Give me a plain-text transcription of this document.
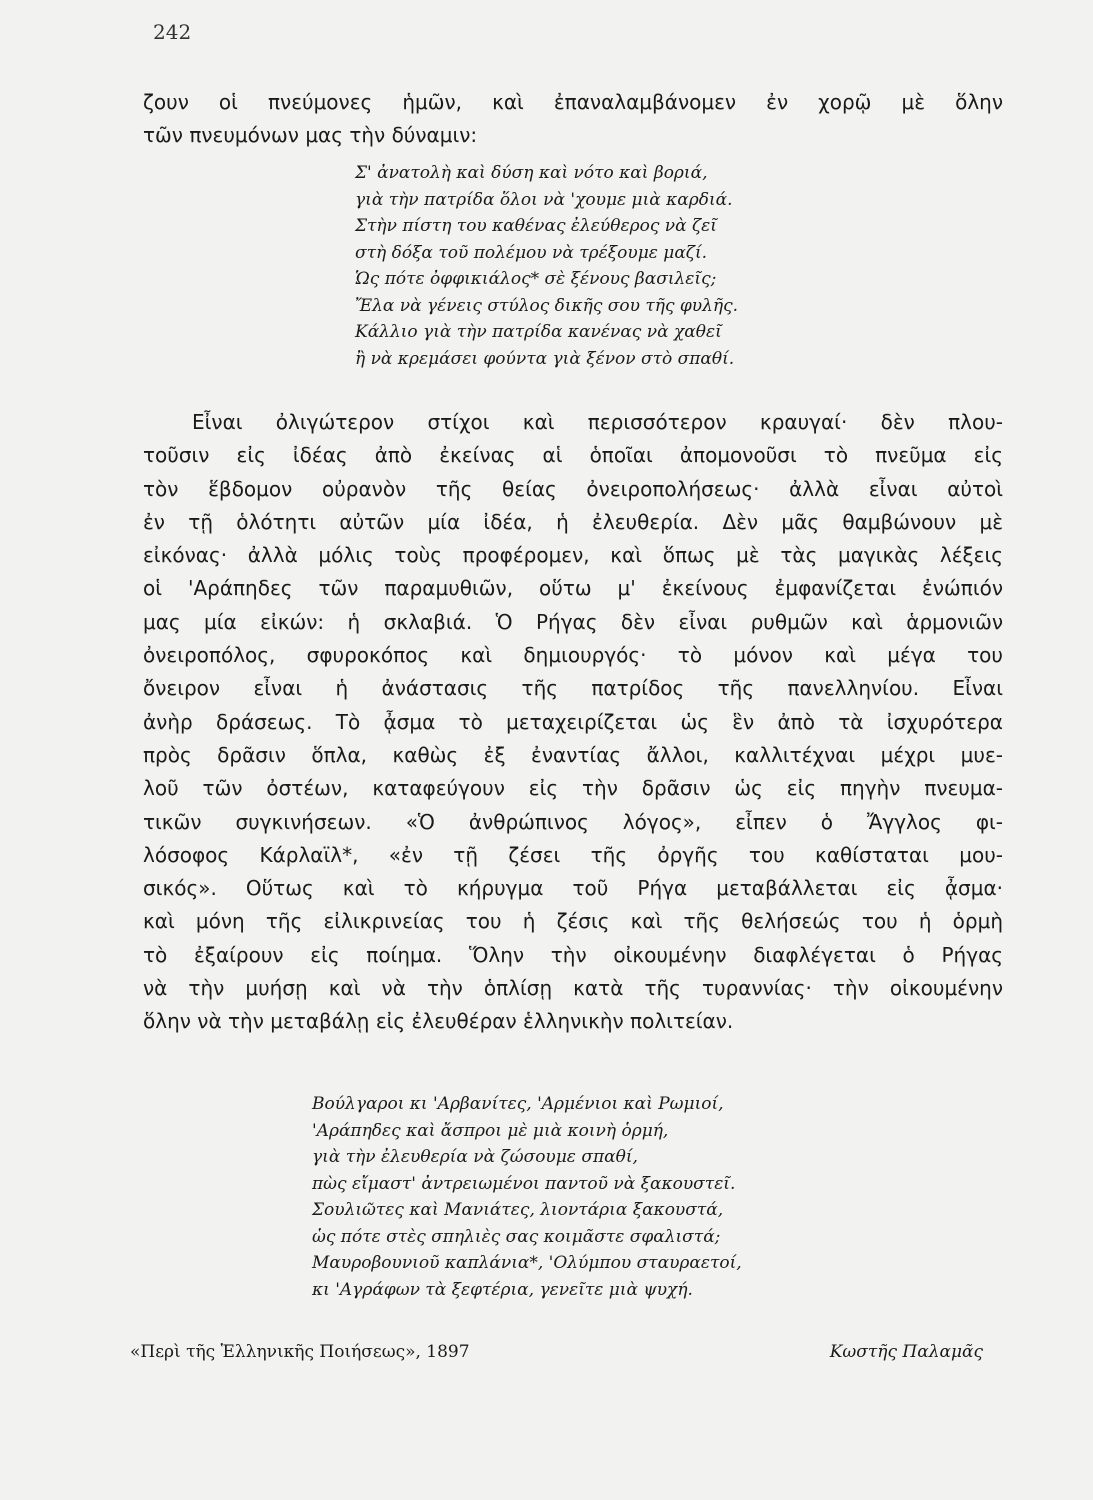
242

ζουν οἱ πνεύμονες ἡμῶν, καὶ ἐπαναλαμβάνομεν ἐν χορῷ μὲ ὅλην
τῶν πνευμόνων μας τὴν δύναμιν:

Σ' ἀνατολὴ καὶ δύση καὶ νότο καὶ βοριά,
γιὰ τὴν πατρίδα ὅλοι νὰ 'χουμε μιὰ καρδιά.
Στὴν πίστη του καθένας ἐλεύθερος νὰ ζεῖ
στὴ δόξα τοῦ πολέμου νὰ τρέξουμε μαζί.
Ὡς πότε ὀφφικιάλος* σὲ ξένους βασιλεῖς;
Ἔλα νὰ γένεις στύλος δικῆς σου τῆς φυλῆς.
Κάλλιο γιὰ τὴν πατρίδα κανένας νὰ χαθεῖ
ἢ νὰ κρεμάσει φούντα γιὰ ξένον στὸ σπαθί.

Εἶναι ὀλιγώτερον στίχοι καὶ περισσότερον κραυγαί· δὲν πλου-
τοῦσιν εἰς ἰδέας ἀπὸ ἐκείνας αἱ ὁποῖαι ἀπομονοῦσι τὸ πνεῦμα εἰς
τὸν ἕβδομον οὐρανὸν τῆς θείας ὀνειροπολήσεως· ἀλλὰ εἶναι αὐτοὶ
ἐν τῇ ὁλότητι αὐτῶν μία ἰδέα, ἡ ἐλευθερία. Δὲν μᾶς θαμβώνουν μὲ
εἰκόνας· ἀλλὰ μόλις τοὺς προφέρομεν, καὶ ὅπως μὲ τὰς μαγικὰς λέξεις
οἱ 'Αράπηδες τῶν παραμυθιῶν, οὕτω μ' ἐκείνους ἐμφανίζεται ἐνώπιόν
μας μία εἰκών: ἡ σκλαβιά. Ὁ Ρήγας δὲν εἶναι ρυθμῶν καὶ ἁρμονιῶν
ὀνειροπόλος, σφυροκόπος καὶ δημιουργός· τὸ μόνον καὶ μέγα του
ὄνειρον εἶναι ἡ ἀνάστασις τῆς πατρίδος τῆς πανελληνίου. Εἶναι
ἀνὴρ δράσεως. Τὸ ᾆσμα τὸ μεταχειρίζεται ὡς ἓν ἀπὸ τὰ ἰσχυρότερα
πρὸς δρᾶσιν ὅπλα, καθὼς ἐξ ἐναντίας ἄλλοι, καλλιτέχναι μέχρι μυε-
λοῦ τῶν ὀστέων, καταφεύγουν εἰς τὴν δρᾶσιν ὡς εἰς πηγὴν πνευμα-
τικῶν συγκινήσεων. «Ὁ ἀνθρώπινος λόγος», εἶπεν ὁ Ἄγγλος φι-
λόσοφος Κάρλαϊλ*, «ἐν τῇ ζέσει τῆς ὀργῆς του καθίσταται μου-
σικός». Οὕτως καὶ τὸ κήρυγμα τοῦ Ρήγα μεταβάλλεται εἰς ᾆσμα·
καὶ μόνη τῆς εἰλικρινείας του ἡ ζέσις καὶ τῆς θελήσεώς του ἡ ὁρμὴ
τὸ ἐξαίρουν εἰς ποίημα. Ὅλην τὴν οἰκουμένην διαφλέγεται ὁ Ρήγας
νὰ τὴν μυήσῃ καὶ νὰ τὴν ὁπλίσῃ κατὰ τῆς τυραννίας· τὴν οἰκουμένην
ὅλην νὰ τὴν μεταβάλῃ εἰς ἐλευθέραν ἑλληνικὴν πολιτείαν.

Βούλγαροι κι 'Αρβανίτες, 'Αρμένιοι καὶ Ρωμιοί,
'Αράπηδες καὶ ἄσπροι μὲ μιὰ κοινὴ ὁρμή,
γιὰ τὴν ἐλευθερία νὰ ζώσουμε σπαθί,
πὼς εἴμαστ' ἀντρειωμένοι παντοῦ νὰ ξακουστεῖ.
Σουλιῶτες καὶ Μανιάτες, λιοντάρια ξακουστά,
ὡς πότε στὲς σπηλιὲς σας κοιμᾶστε σφαλιστά;
Μαυροβουνιοῦ καπλάνια*, 'Ολύμπου σταυραετοί,
κι 'Αγράφων τὰ ξεφτέρια, γενεῖτε μιὰ ψυχή.
«Περὶ τῆς Ἑλληνικῆς Ποιήσεως», 1897	Κωστῆς Παλαμᾶς
